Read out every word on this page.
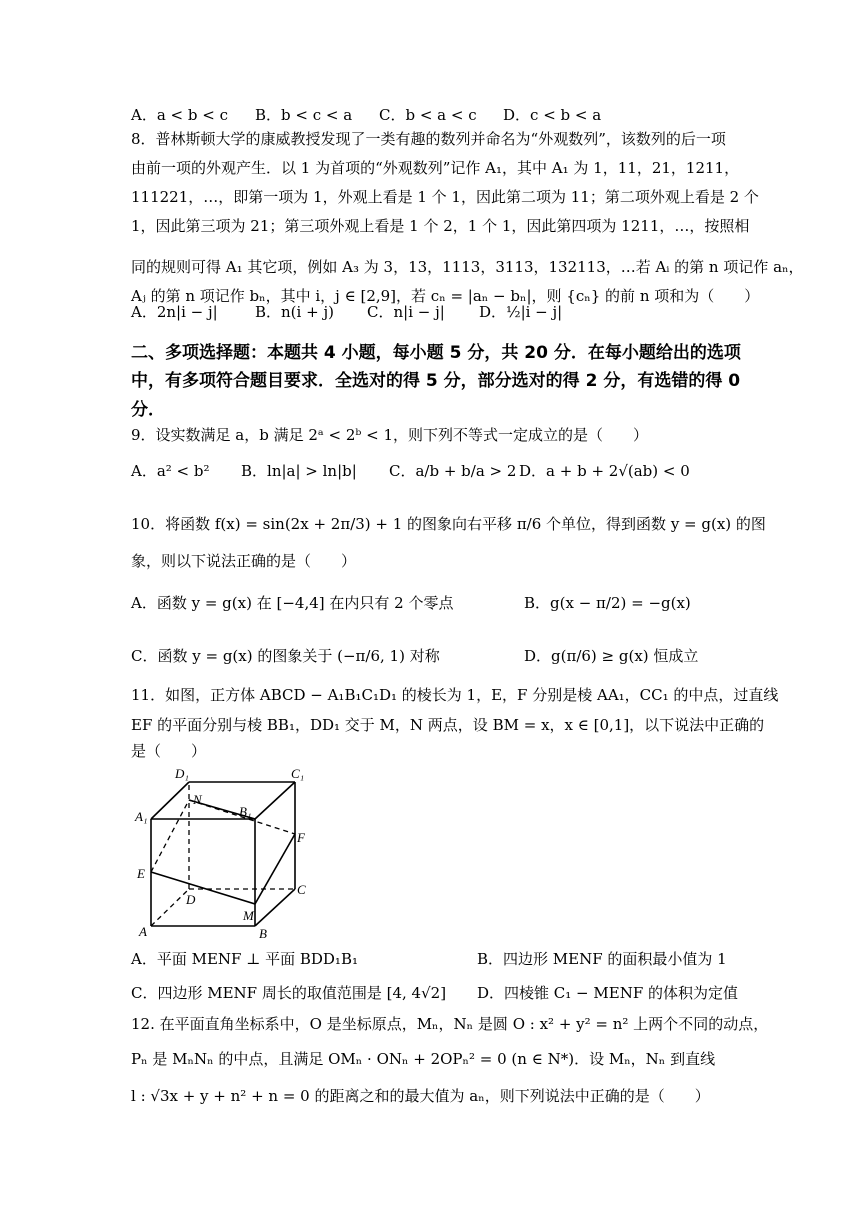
A．a < b < c B．b < c < a C．b < a < c D．c < b < a
8．普林斯顿大学的康威教授发现了一类有趣的数列并命名为“外观数列”，该数列的后一项
由前一项的外观产生．以 1 为首项的“外观数列”记作 A₁，其中 A₁ 为 1，11，21，1211，
111221，…，即第一项为 1，外观上看是 1 个 1，因此第二项为 11；第二项外观上看是 2 个
1，因此第三项为 21；第三项外观上看是 1 个 2，1 个 1，因此第四项为 1211，…，按照相
同的规则可得 A₁ 其它项，例如 A₃ 为 3，13，1113，3113，132113，…若 Aᵢ 的第 n 项记作 aₙ，
Aⱼ 的第 n 项记作 bₙ，其中 i，j ∈ [2,9]，若 cₙ = |aₙ − bₙ|，则 {cₙ} 的前 n 项和为（　　）
A．2n|i − j| B．n(i + j) C．n|i − j| D．½|i − j|
二、多项选择题：本题共 4 小题，每小题 5 分，共 20 分．在每小题给出的选项
中，有多项符合题目要求．全选对的得 5 分，部分选对的得 2 分，有选错的得 0
分．
9．设实数满足 a，b 满足 2ᵃ < 2ᵇ < 1，则下列不等式一定成立的是（　　）
A．a² < b² B．ln|a| > ln|b| C．a/b + b/a > 2 D．a + b + 2√(ab) < 0
10．将函数 f(x) = sin(2x + 2π/3) + 1 的图象向右平移 π/6 个单位，得到函数 y = g(x) 的图
象，则以下说法正确的是（　　）
A．函数 y = g(x) 在 [−4,4] 在内只有 2 个零点	B．g(x − π/2) = −g(x)
C．函数 y = g(x) 的图象关于 (−π/6, 1) 对称	D．g(π/6) ≥ g(x) 恒成立
11．如图，正方体 ABCD − A₁B₁C₁D₁ 的棱长为 1，E，F 分别是棱 AA₁，CC₁ 的中点，过直线
EF 的平面分别与棱 BB₁，DD₁ 交于 M，N 两点，设 BM = x，x ∈ [0,1]，以下说法中正确的
是（　　）
D₁	C₁
A₁	B₁
N
F
E
D
C
M
A	B
A．平面 MENF ⊥ 平面 BDD₁B₁	B．四边形 MENF 的面积最小值为 1
C．四边形 MENF 周长的取值范围是 [4, 4√2] D．四棱锥 C₁ − MENF 的体积为定值
12. 在平面直角坐标系中，O 是坐标原点，Mₙ，Nₙ 是圆 O : x² + y² = n² 上两个不同的动点，
Pₙ 是 MₙNₙ 的中点，且满足 OMₙ · ONₙ + 2OPₙ² = 0 (n ∈ N*)．设 Mₙ，Nₙ 到直线
l : √3x + y + n² + n = 0 的距离之和的最大值为 aₙ，则下列说法中正确的是（　　）
